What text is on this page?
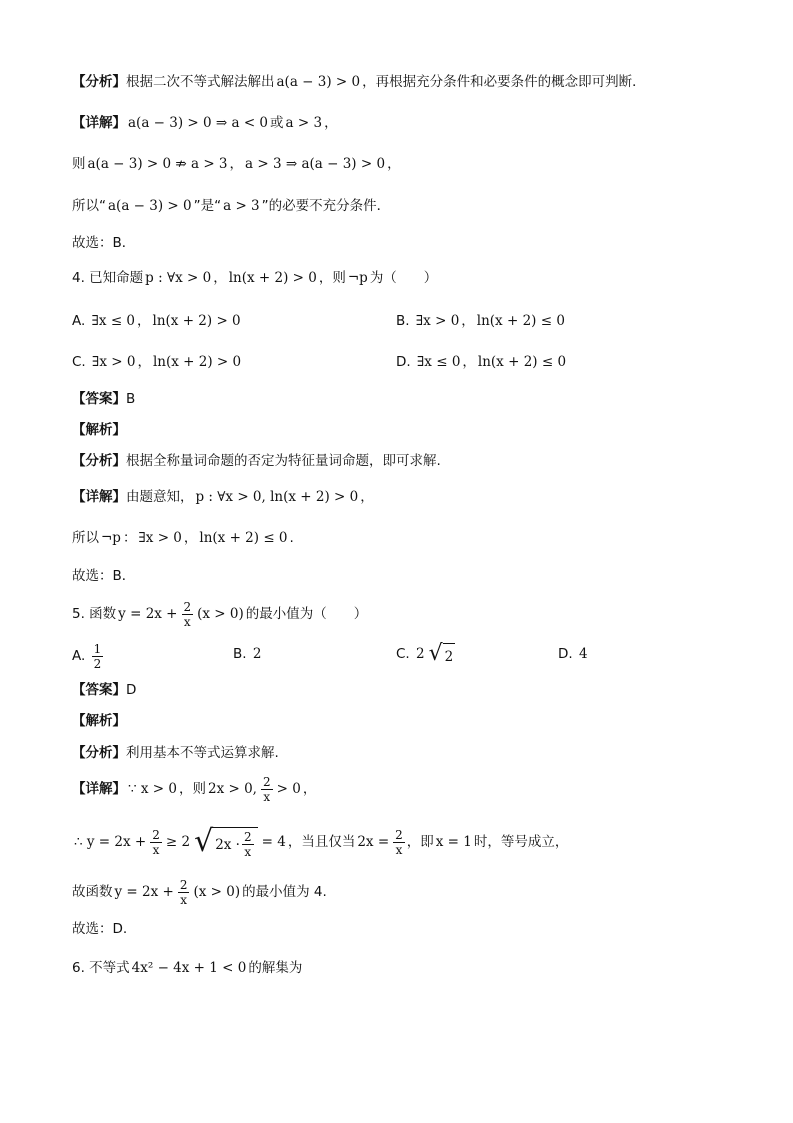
【分析】 根据二次不等式解法解出 a(a − 3) > 0 ，再根据充分条件和必要条件的概念即可判断．
【详解】 a(a − 3) > 0 ⇒ a < 0 或 a > 3 ，
则 a(a − 3) > 0 ⇏ a > 3 ， a > 3 ⇒ a(a − 3) > 0 ，
所以“ a(a − 3) > 0 ”是“ a > 3 ”的必要不充分条件．
故选：B．
4. 已知命题 p : ∀x > 0 ， ln(x + 2) > 0 ，则 ¬p 为（　　）
A.
∃x ≤ 0 ， ln(x + 2) > 0	B.
∃x > 0 ， ln(x + 2) ≤ 0
C.
∃x > 0 ， ln(x + 2) > 0	D.
∃x ≤ 0 ， ln(x + 2) ≤ 0
【答案】 B
【解析】
【分析】 根据全称量词命题的否定为特征量词命题，即可求解.
【详解】 由题意知， p : ∀x > 0, ln(x + 2) > 0 ，
所以 ¬p ： ∃x > 0 ， ln(x + 2) ≤ 0 .
故选：B．
5. 函数 $y = 2x + \frac{2}{x} (x > 0)$ 的最小值为（　　）
A.
$\frac{1}{2}$	B.
2	C.
2 √ 2	D.
4
【答案】 D
【解析】
【分析】 利用基本不等式运算求解.
【详解】 ∵ x > 0 ，则 2x > 0, $\frac{2}{x} > 0$ ，
∴ $y = 2x + \frac{2}{x} \ge 2$ √ $2x \cdot \frac{2}{x} = 4$ ，当且仅当 $2x = \frac{2}{x}$ ，即 x = 1 时，等号成立，
故函数 $y = 2x + \frac{2}{x} (x > 0)$ 的最小值为 4.
故选：D.
6. 不等式 4x² − 4x + 1 < 0 的解集为
